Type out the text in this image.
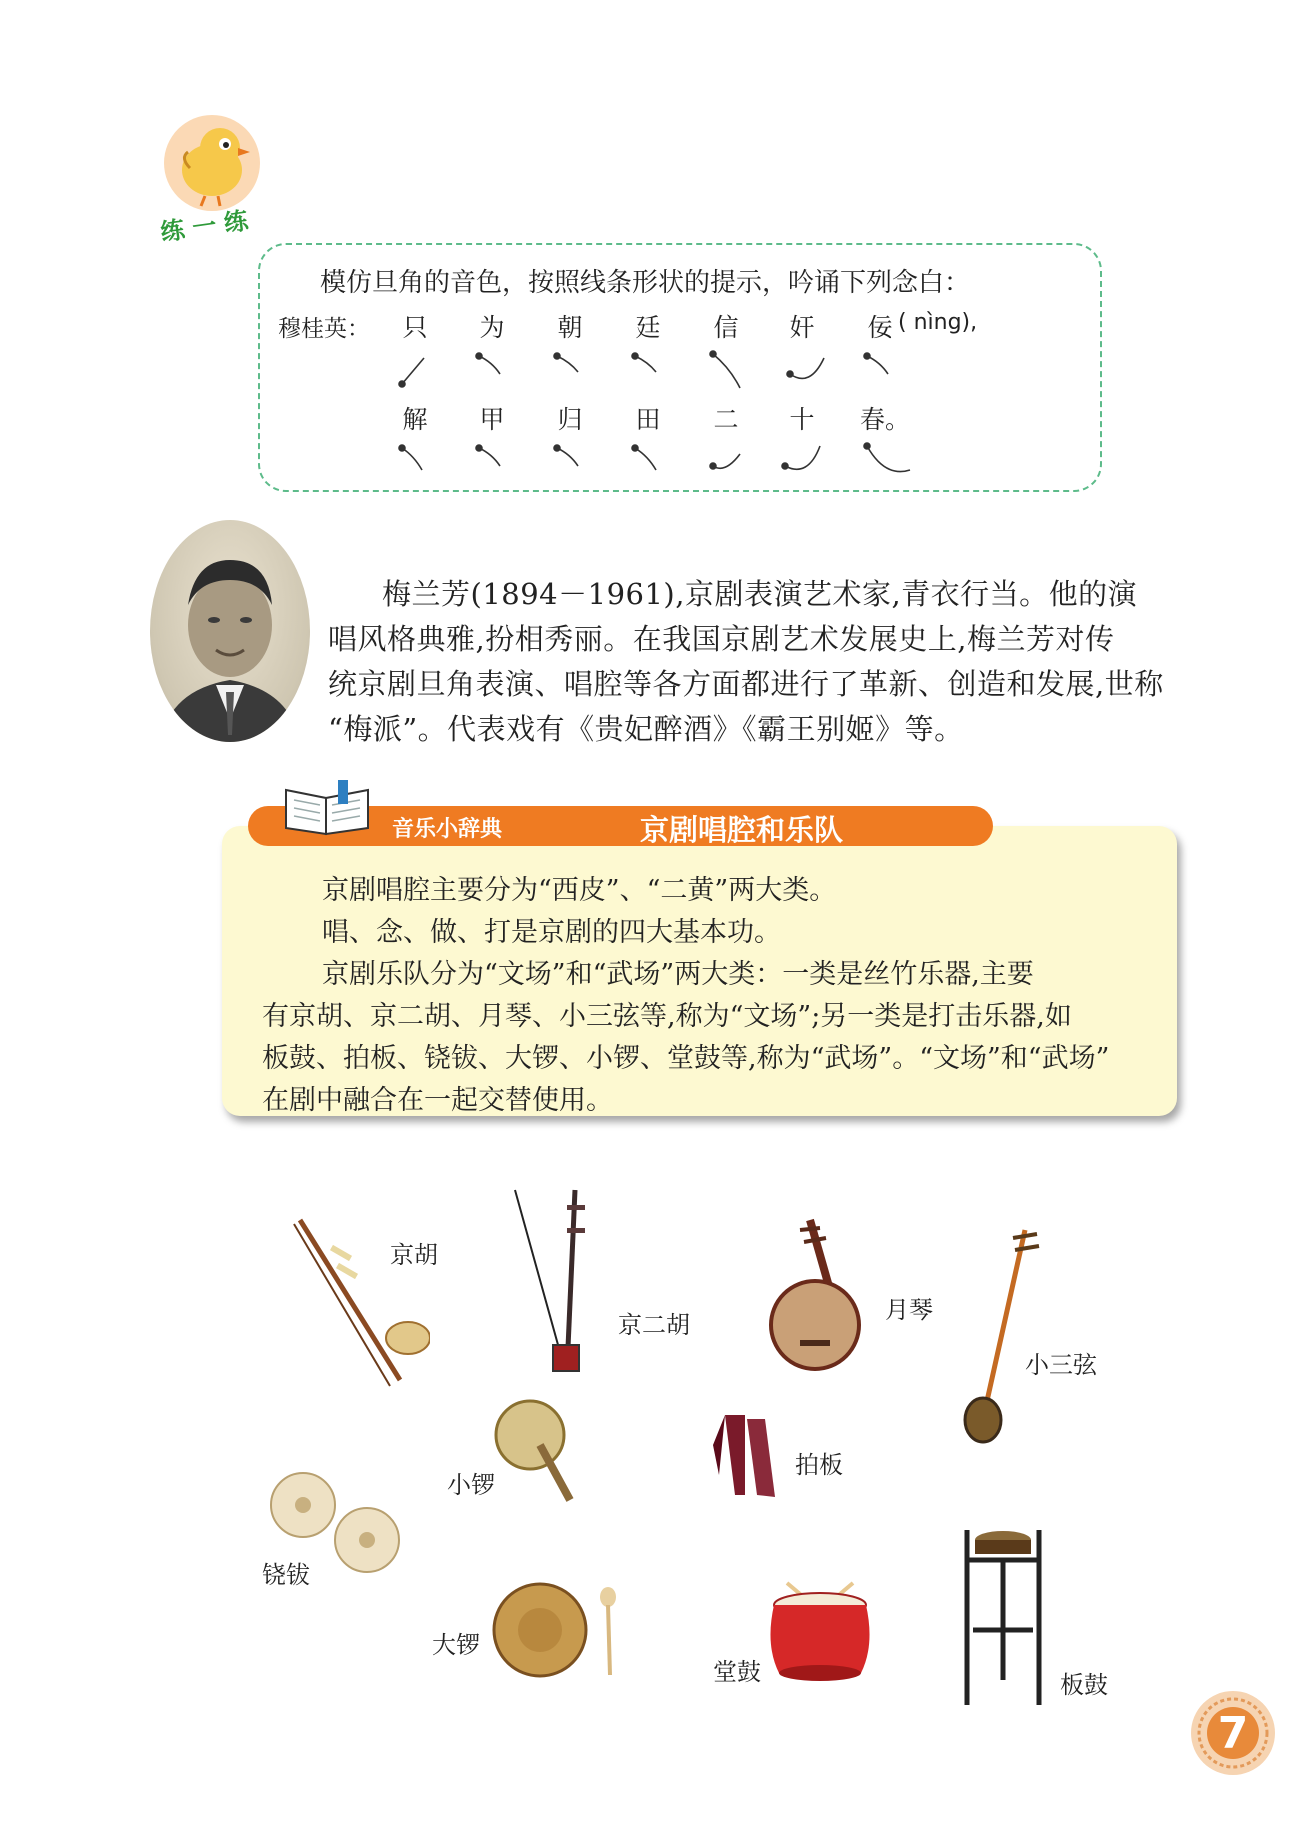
练一练
模仿旦角的音色，按照线条形状的提示，吟诵下列念白：
穆桂英： 只	为	朝	廷	信	奸	佞 ( nìng),
解	甲	归	田	二	十	春。
梅兰芳(1894－1961),京剧表演艺术家,青衣行当。他的演
唱风格典雅,扮相秀丽。在我国京剧艺术发展史上,梅兰芳对传
统京剧旦角表演、唱腔等各方面都进行了革新、创造和发展,世称
“梅派”。代表戏有《贵妃醉酒》《霸王别姬》等。
音乐小辞典	京剧唱腔和乐队
京剧唱腔主要分为“西皮”、“二黄”两大类。
唱、念、做、打是京剧的四大基本功。
京剧乐队分为“文场”和“武场”两大类：一类是丝竹乐器,主要
有京胡、京二胡、月琴、小三弦等,称为“文场”;另一类是打击乐器,如
板鼓、拍板、铙钹、大锣、小锣、堂鼓等,称为“武场”。“文场”和“武场”
在剧中融合在一起交替使用。
京胡
京二胡
月琴
小三弦
小锣
拍板
铙钹
大锣
堂鼓	板鼓
7
